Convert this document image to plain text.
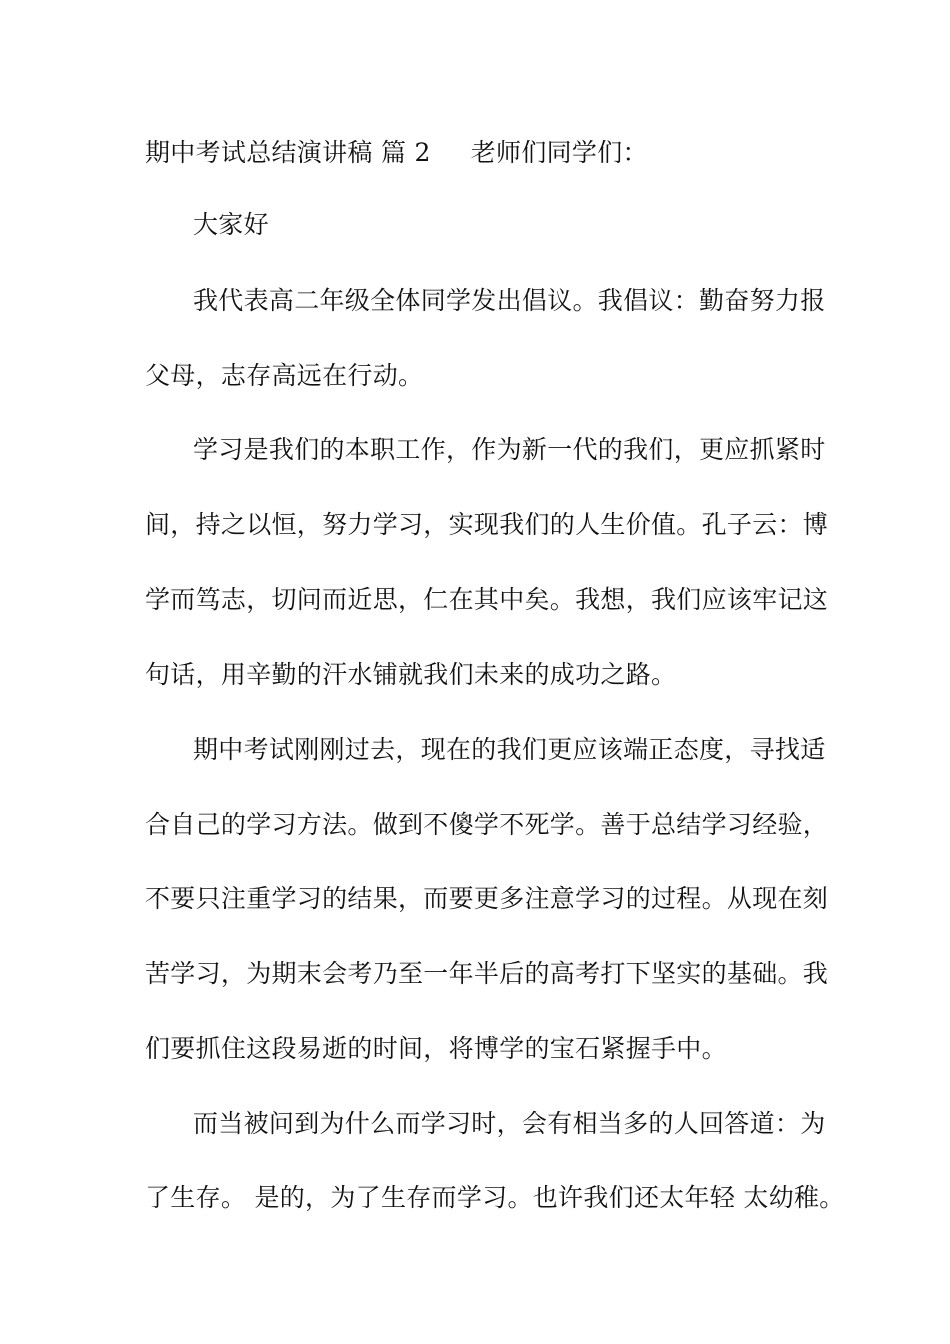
期中考试总结演讲稿 篇 2 老师们同学们：
大家好
我代表高二年级全体同学发出倡议。我倡议：勤奋努力报
父母，志存高远在行动。
学习是我们的本职工作，作为新一代的我们，更应抓紧时
间，持之以恒，努力学习，实现我们的人生价值。孔子云：博
学而笃志，切问而近思，仁在其中矣。我想，我们应该牢记这
句话，用辛勤的汗水铺就我们未来的成功之路。
期中考试刚刚过去，现在的我们更应该端正态度，寻找适
合自己的学习方法。做到不傻学不死学。善于总结学习经验，
不要只注重学习的结果，而要更多注意学习的过程。从现在刻
苦学习，为期末会考乃至一年半后的高考打下坚实的基础。我
们要抓住这段易逝的时间，将博学的宝石紧握手中。
而当被问到为什么而学习时，会有相当多的人回答道：为
了生存。 是的，为了生存而学习。也许我们还太年轻 太幼稚。
